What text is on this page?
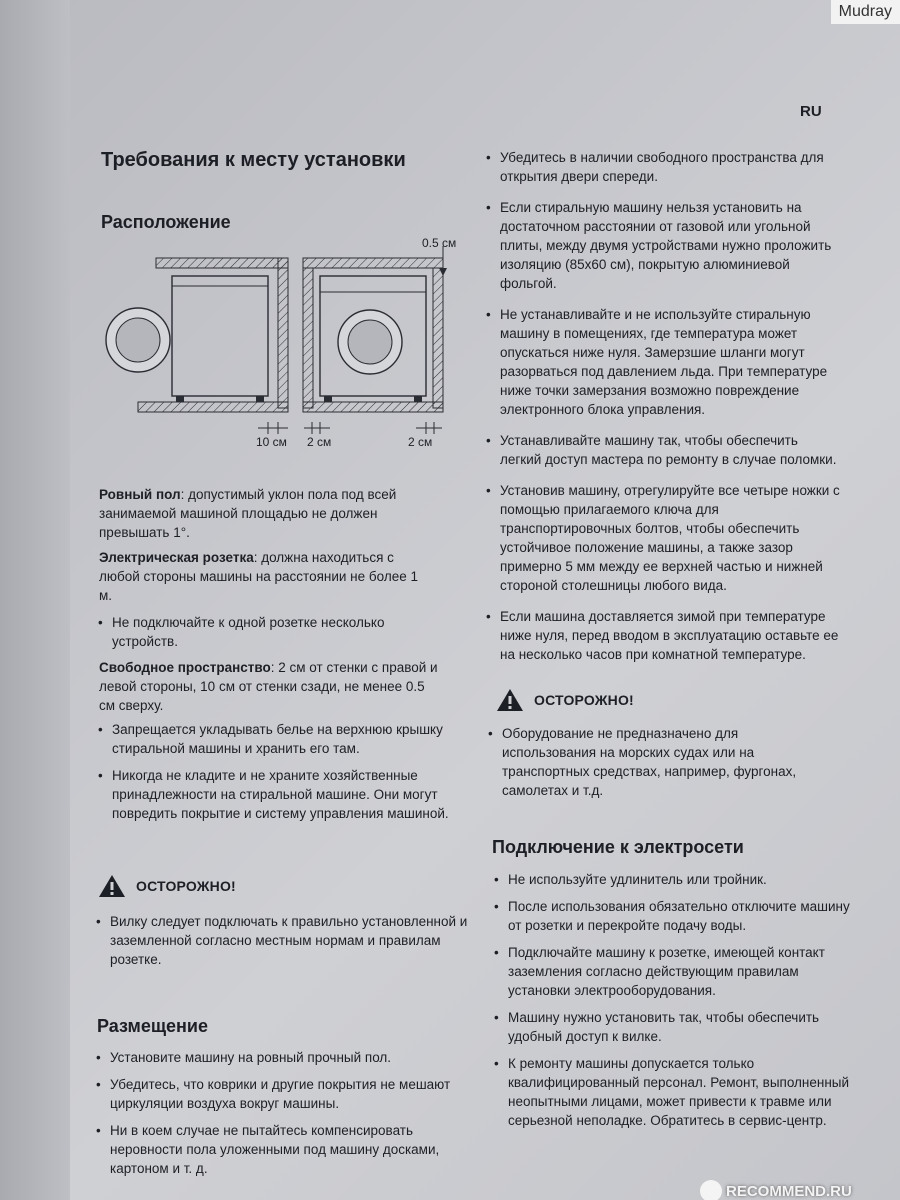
Mudray
RU
Требования к месту установки
Расположение
0.5 см
10 см 2 см	2 см

Ровный пол: допустимый уклон пола под всей занимаемой машиной площадью не должен превышать 1°.

Электрическая розетка: должна находиться с любой стороны машины на расстоянии не более 1 м.

• Не подключайте к одной розетке несколько устройств.

Свободное пространство: 2 см от стенки с правой и левой стороны, 10 см от стенки сзади, не менее 0.5 см сверху.

• Запрещается укладывать белье на верхнюю крышку стиральной машины и хранить его там.
• Никогда не кладите и не храните хозяйственные принадлежности на стиральной машине. Они могут повредить покрытие и систему управления машиной.
ОСТОРОЖНО!
• Вилку следует подключать к правильно установленной и заземленной согласно местным нормам и правилам розетке.
Размещение
• Установите машину на ровный прочный пол.
• Убедитесь, что коврики и другие покрытия не мешают циркуляции воздуха вокруг машины.
• Ни в коем случае не пытайтесь компенсировать неровности пола уложенными под машину досками, картоном и т. д.
• Убедитесь в наличии свободного пространства для открытия двери спереди.
• Если стиральную машину нельзя установить на достаточном расстоянии от газовой или угольной плиты, между двумя устройствами нужно проложить изоляцию (85x60 см), покрытую алюминиевой фольгой.
• Не устанавливайте и не используйте стиральную машину в помещениях, где температура может опускаться ниже нуля. Замерзшие шланги могут разорваться под давлением льда. При температуре ниже точки замерзания возможно повреждение электронного блока управления.
• Устанавливайте машину так, чтобы обеспечить легкий доступ мастера по ремонту в случае поломки.
• Установив машину, отрегулируйте все четыре ножки с помощью прилагаемого ключа для транспортировочных болтов, чтобы обеспечить устойчивое положение машины, а также зазор примерно 5 мм между ее верхней частью и нижней стороной столешницы любого вида.
• Если машина доставляется зимой при температуре ниже нуля, перед вводом в эксплуатацию оставьте ее на несколько часов при комнатной температуре.
ОСТОРОЖНО!
• Оборудование не предназначено для использования на морских судах или на транспортных средствах, например, фургонах, самолетах и т.д.
Подключение к электросети
• Не используйте удлинитель или тройник.
• После использования обязательно отключите машину от розетки и перекройте подачу воды.
• Подключайте машину к розетке, имеющей контакт заземления согласно действующим правилам установки электрооборудования.
• Машину нужно установить так, чтобы обеспечить удобный доступ к вилке.
• К ремонту машины допускается только квалифицированный персонал. Ремонт, выполненный неопытными лицами, может привести к травме или серьезной неполадке. Обратитесь в сервис-центр.
RECOMMEND.RU
